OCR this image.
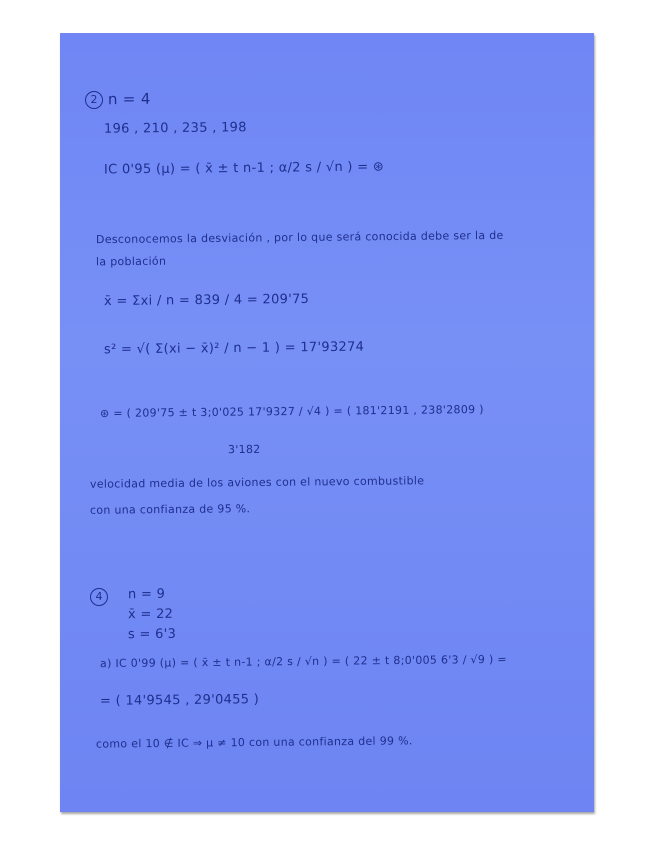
2 n = 4
196 , 210 , 235 , 198
IC 0'95 (μ) = ( x̄ ± t n-1 ; α/2 s / √n ) = ⊛
Desconocemos la desviación , por lo que será conocida debe ser la de
la población
x̄ = Σxi / n = 839 / 4 = 209'75
s² = √( Σ(xi − x̄)² / n − 1 ) = 17'93274
⊛ = ( 209'75 ± t 3;0'025 17'9327 / √4 ) = ( 181'2191 , 238'2809 )
3'182
velocidad media de los aviones con el nuevo combustible
con una confianza de 95 %.
4	n = 9
x̄ = 22
s = 6'3
a) IC 0'99 (μ) = ( x̄ ± t n-1 ; α/2 s / √n ) = ( 22 ± t 8;0'005 6'3 / √9 ) =
= ( 14'9545 , 29'0455 )
como el 10 ∉ IC ⇒ μ ≠ 10 con una confianza del 99 %.
